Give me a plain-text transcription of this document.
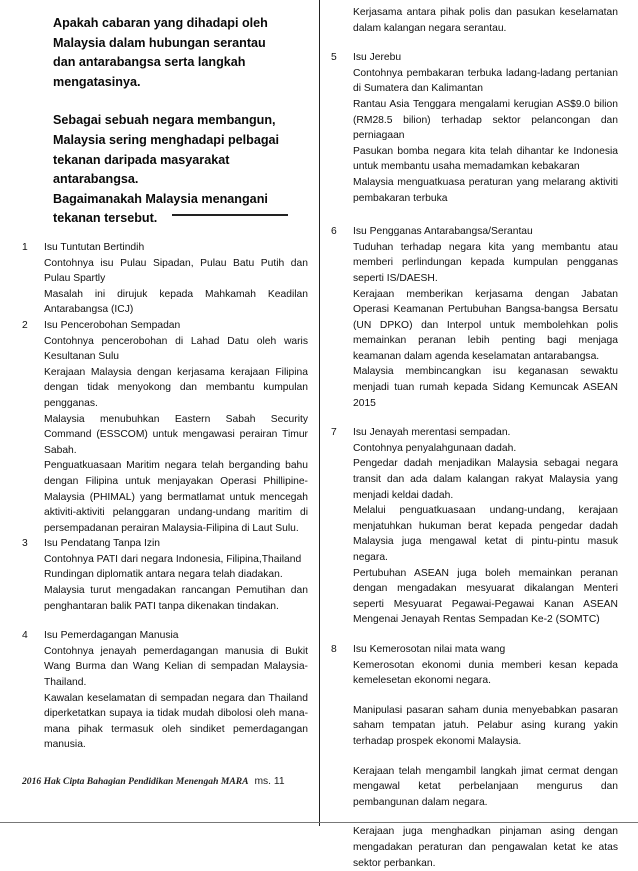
Apakah cabaran yang dihadapi oleh

Malaysia dalam hubungan serantau

dan antarabangsa serta langkah

mengatasinya.

Sebagai sebuah negara membangun,

Malaysia sering menghadapi pelbagai

tekanan daripada masyarakat

antarabangsa.

Bagaimanakah Malaysia menangani

tekanan tersebut.

1	Isu Tuntutan Bertindih

Contohnya isu Pulau Sipadan, Pulau Batu Putih dan Pulau Spartly

Masalah ini dirujuk kepada Mahkamah Keadilan Antarabangsa (ICJ)

2	Isu Pencerobohan Sempadan

Contohnya pencerobohan di Lahad Datu oleh waris Kesultanan Sulu

Kerajaan Malaysia dengan kerjasama kerajaan Filipina dengan tidak menyokong dan membantu kumpulan pengganas.

Malaysia menubuhkan Eastern Sabah Security Command (ESSCOM) untuk mengawasi perairan Timur Sabah.

Penguatkuasaan Maritim negara telah berganding bahu dengan Filipina untuk menjayakan Operasi Phillipine-Malaysia (PHIMAL) yang bermatlamat untuk mencegah aktiviti-aktiviti pelanggaran undang-undang maritim di persempadanan perairan Malaysia-Filipina di Laut Sulu.

3	Isu Pendatang Tanpa Izin

Contohnya PATI dari negara Indonesia, Filipina,Thailand

Rundingan diplomatik antara negara telah diadakan.

Malaysia turut mengadakan rancangan Pemutihan dan penghantaran balik PATI tanpa dikenakan tindakan.

4	Isu Pemerdagangan Manusia

Contohnya jenayah pemerdagangan manusia di Bukit Wang Burma dan Wang Kelian di sempadan Malaysia-Thailand.

Kawalan keselamatan di sempadan negara dan Thailand diperketatkan supaya ia tidak mudah dibolosi oleh mana-mana pihak termasuk oleh sindiket pemerdagangan manusia.

Kerjasama antara pihak polis dan pasukan keselamatan dalam kalangan negara serantau.

5	Isu Jerebu

Contohnya pembakaran terbuka ladang-ladang pertanian di Sumatera dan Kalimantan

Rantau Asia Tenggara mengalami kerugian AS$9.0 bilion (RM28.5 bilion) terhadap sektor pelancongan dan perniagaan

Pasukan bomba negara kita telah dihantar ke Indonesia untuk membantu usaha memadamkan kebakaran

Malaysia menguatkuasa peraturan yang melarang aktiviti pembakaran terbuka

6	Isu Pengganas Antarabangsa/Serantau

Tuduhan terhadap negara kita yang membantu atau memberi perlindungan kepada kumpulan pengganas seperti IS/DAESH.

Kerajaan memberikan kerjasama dengan Jabatan Operasi Keamanan Pertubuhan Bangsa-bangsa Bersatu (UN DPKO) dan Interpol untuk membolehkan polis memainkan peranan lebih penting bagi menjaga keamanan dalam agenda keselamatan antarabangsa.

Malaysia membincangkan isu keganasan sewaktu menjadi tuan rumah kepada Sidang Kemuncak ASEAN 2015

7	Isu Jenayah merentasi sempadan.

Contohnya penyalahgunaan dadah.

Pengedar dadah menjadikan Malaysia sebagai negara transit dan ada dalam kalangan rakyat Malaysia yang menjadi keldai dadah.

Melalui penguatkuasaan undang-undang, kerajaan menjatuhkan hukuman berat kepada pengedar dadah Malaysia juga mengawal ketat di pintu-pintu masuk negara.

Pertubuhan ASEAN juga boleh memainkan peranan dengan mengadakan mesyuarat dikalangan Menteri seperti Mesyuarat Pegawai-Pegawai Kanan ASEAN Mengenai Jenayah Rentas Sempadan Ke-2 (SOMTC)

8	Isu Kemerosotan nilai mata wang

Kemerosotan ekonomi dunia memberi kesan kepada kemelesetan ekonomi negara.

Manipulasi pasaran saham dunia menyebabkan pasaran saham tempatan jatuh. Pelabur asing kurang yakin terhadap prospek ekonomi Malaysia.

Kerajaan telah mengambil langkah jimat cermat dengan mengawal ketat perbelanjaan mengurus dan pembangunan dalam negara.

Kerajaan juga menghadkan pinjaman asing dengan mengadakan peraturan dan pengawalan ketat ke atas sektor perbankan.

2016 Hak Cipta Bahagian Pendidikan Menengah MARA ms. 11
